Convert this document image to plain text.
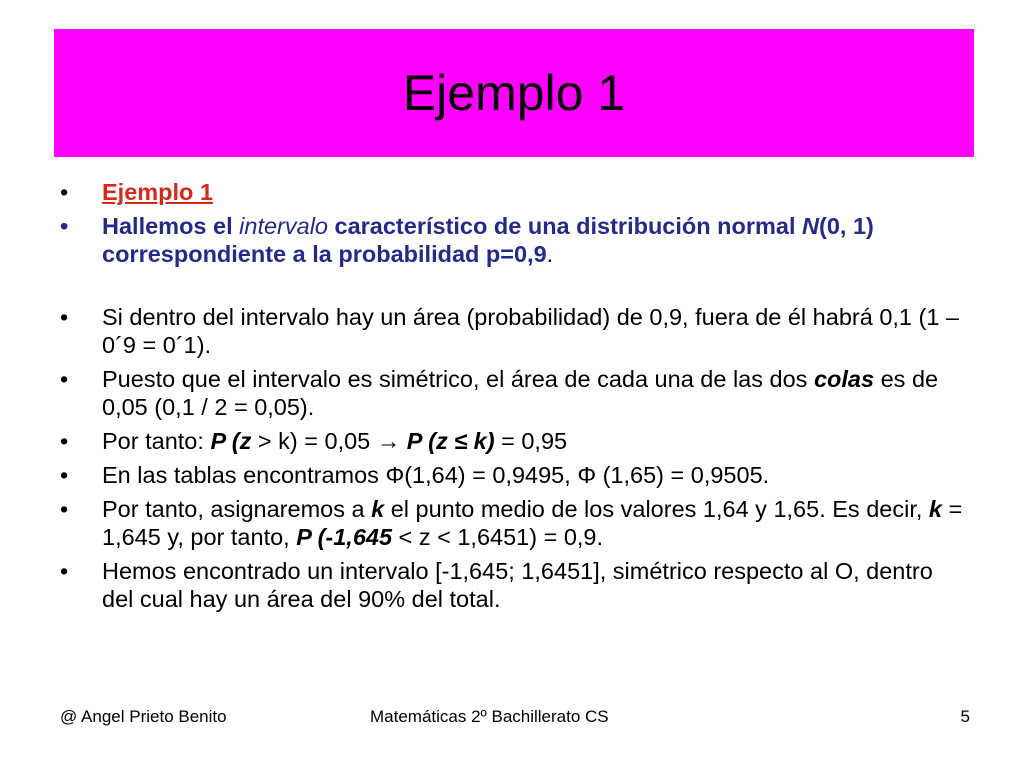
Ejemplo 1
• Ejemplo 1
• Hallemos el intervalo característico de una distribución normal N(0, 1) correspondiente a la probabilidad p=0,9.
• Si dentro del intervalo hay un área (probabilidad) de 0,9, fuera de él habrá 0,1 (1 – 0´9 = 0´1).
• Puesto que el intervalo es simétrico, el área de cada una de las dos colas es de 0,05 (0,1 / 2 = 0,05).
• Por tanto: P (z > k) = 0,05 → P (z ≤ k) = 0,95
• En las tablas encontramos Φ(1,64) = 0,9495, Φ (1,65) = 0,9505.
• Por tanto, asignaremos a k el punto medio de los valores 1,64 y 1,65. Es decir, k = 1,645 y, por tanto, P (-1,645 < z < 1,6451) = 0,9.
• Hemos encontrado un intervalo [-1,645; 1,6451], simétrico respecto al O, dentro del cual hay un área del 90% del total.
@ Angel Prieto Benito	Matemáticas 2º Bachillerato CS	5
